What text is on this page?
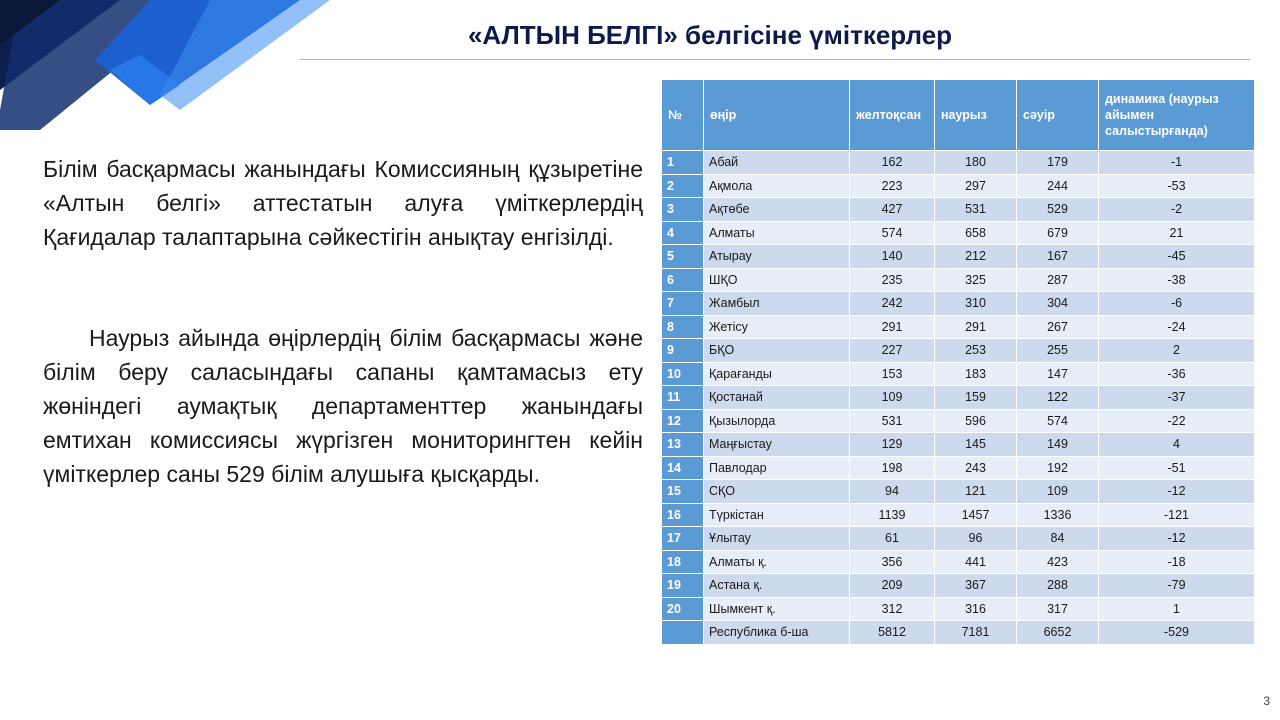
«АЛТЫН БЕЛГІ» белгісіне үміткерлер

Білім басқармасы жанындағы Комиссияның құзыретіне «Алтын белгі» аттестатын алуға үміткерлердің Қағидалар талаптарына сәйкестігін анықтау енгізілді.

Наурыз айында өңірлердің білім басқармасы және білім беру саласындағы сапаны қамтамасыз ету жөніндегі аумақтық департаменттер жанындағы емтихан комиссиясы жүргізген мониторингтен кейін үміткерлер саны 529 білім алушыға қысқарды.

№	өңір	желтоқсан	наурыз	сәуір	динамика (наурыз айымен салыстырғанда)
1	Абай	162	180	179	-1
2	Ақмола	223	297	244	-53
3	Ақтөбе	427	531	529	-2
4	Алматы	574	658	679	21
5	Атырау	140	212	167	-45
6	ШҚО	235	325	287	-38
7	Жамбыл	242	310	304	-6
8	Жетісу	291	291	267	-24
9	БҚО	227	253	255	2
10	Қарағанды	153	183	147	-36
11	Қостанай	109	159	122	-37
12	Қызылорда	531	596	574	-22
13	Маңғыстау	129	145	149	4
14	Павлодар	198	243	192	-51
15	СҚО	94	121	109	-12
16	Түркістан	1139	1457	1336	-121
17	Ұлытау	61	96	84	-12
18	Алматы қ.	356	441	423	-18
19	Астана қ.	209	367	288	-79
20	Шымкент қ.	312	316	317	1
	Республика б-ша	5812	7181	6652	-529
3
